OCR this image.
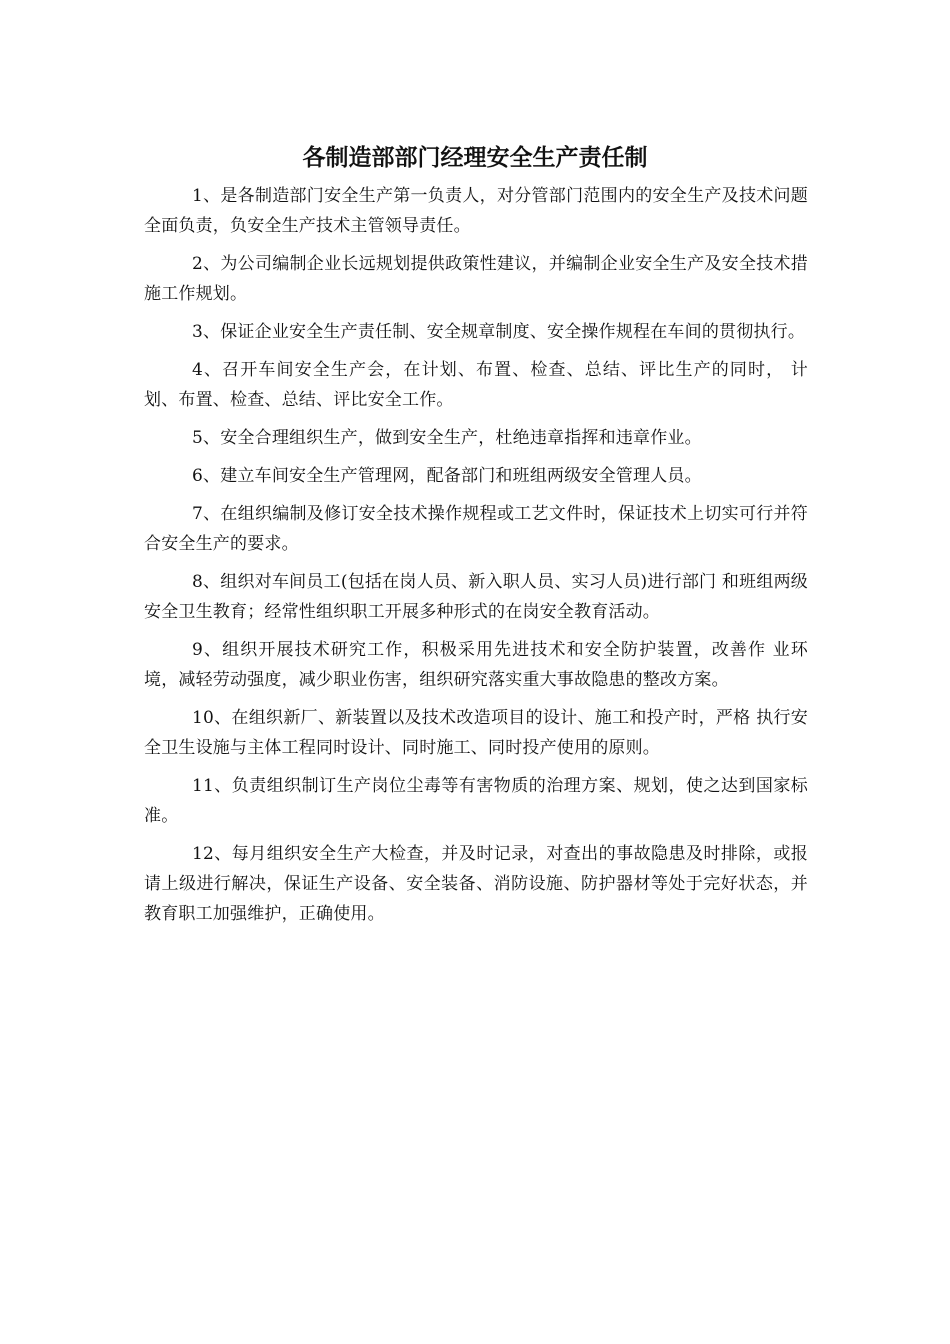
各制造部部门经理安全生产责任制

1、是各制造部门安全生产第一负责人，对分管部门范围内的安全生产及技术问题全面负责，负安全生产技术主管领导责任。

2、为公司编制企业长远规划提供政策性建议，并编制企业安全生产及安全技术措施工作规划。

3、保证企业安全生产责任制、安全规章制度、安全操作规程在车间的贯彻执行。

4、召开车间安全生产会，在计划、布置、检查、总结、评比生产的同时， 计划、布置、检查、总结、评比安全工作。

5、安全合理组织生产，做到安全生产，杜绝违章指挥和违章作业。

6、建立车间安全生产管理网，配备部门和班组两级安全管理人员。

7、在组织编制及修订安全技术操作规程或工艺文件时，保证技术上切实可行并符合安全生产的要求。

8、组织对车间员工(包括在岗人员、新入职人员、实习人员)进行部门 和班组两级安全卫生教育；经常性组织职工开展多种形式的在岗安全教育活动。

9、组织开展技术研究工作，积极采用先进技术和安全防护装置，改善作 业环境，减轻劳动强度，减少职业伤害，组织研究落实重大事故隐患的整改方案。

10、在组织新厂、新装置以及技术改造项目的设计、施工和投产时，严格 执行安全卫生设施与主体工程同时设计、同时施工、同时投产使用的原则。

11、负责组织制订生产岗位尘毒等有害物质的治理方案、规划，使之达到国家标准。

12、每月组织安全生产大检查，并及时记录，对查出的事故隐患及时排除，或报请上级进行解决，保证生产设备、安全装备、消防设施、防护器材等处于完好状态，并教育职工加强维护，正确使用。
